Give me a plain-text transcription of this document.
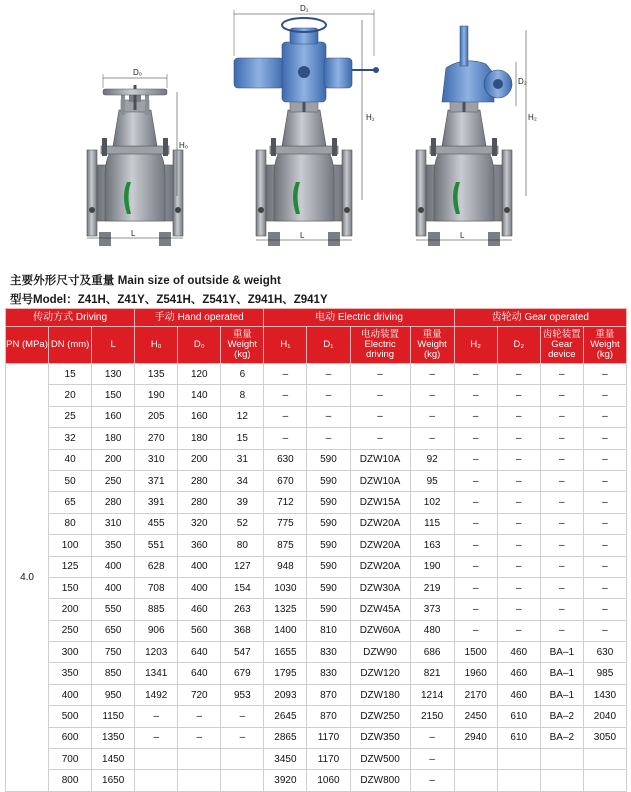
D₀
H₀
L
D₁
H₁
L
D₂
H₂
L
主要外形尺寸及重量 Main size of outside & weight
型号Model：Z41H、Z41Y、Z541H、Z541Y、Z941H、Z941Y
传动方式 Driving			手动 Hand operated			电动 Electric driving				齿轮动 Gear operated			
PN (MPa)	DN (mm)	L	H₀	D₀	重量 Weight (kg)	H₁	D₁	电动装置 Electric driving	重量 Weight (kg)	H₂	D₂	齿轮装置 Gear device	重量 Weight (kg)
4.0	15	130	135	120	6	–	–	–	–	–	–	–	–
	20	150	190	140	8	–	–	–	–	–	–	–	–
	25	160	205	160	12	–	–	–	–	–	–	–	–
	32	180	270	180	15	–	–	–	–	–	–	–	–
	40	200	310	200	31	630	590	DZW10A	92	–	–	–	–
	50	250	371	280	34	670	590	DZW10A	95	–	–	–	–
	65	280	391	280	39	712	590	DZW15A	102	–	–	–	–
	80	310	455	320	52	775	590	DZW20A	115	–	–	–	–
	100	350	551	360	80	875	590	DZW20A	163	–	–	–	–
	125	400	628	400	127	948	590	DZW20A	190	–	–	–	–
	150	400	708	400	154	1030	590	DZW30A	219	–	–	–	–
	200	550	885	460	263	1325	590	DZW45A	373	–	–	–	–
	250	650	906	560	368	1400	810	DZW60A	480	–	–	–	–
	300	750	1203	640	547	1655	830	DZW90	686	1500	460	BA–1	630
	350	850	1341	640	679	1795	830	DZW120	821	1960	460	BA–1	985
	400	950	1492	720	953	2093	870	DZW180	1214	2170	460	BA–1	1430
	500	1150	–	–	–	2645	870	DZW250	2150	2450	610	BA–2	2040
	600	1350	–	–	–	2865	1170	DZW350	–	2940	610	BA–2	3050
	700	1450				3450	1170	DZW500	–				
	800	1650				3920	1060	DZW800	–				
